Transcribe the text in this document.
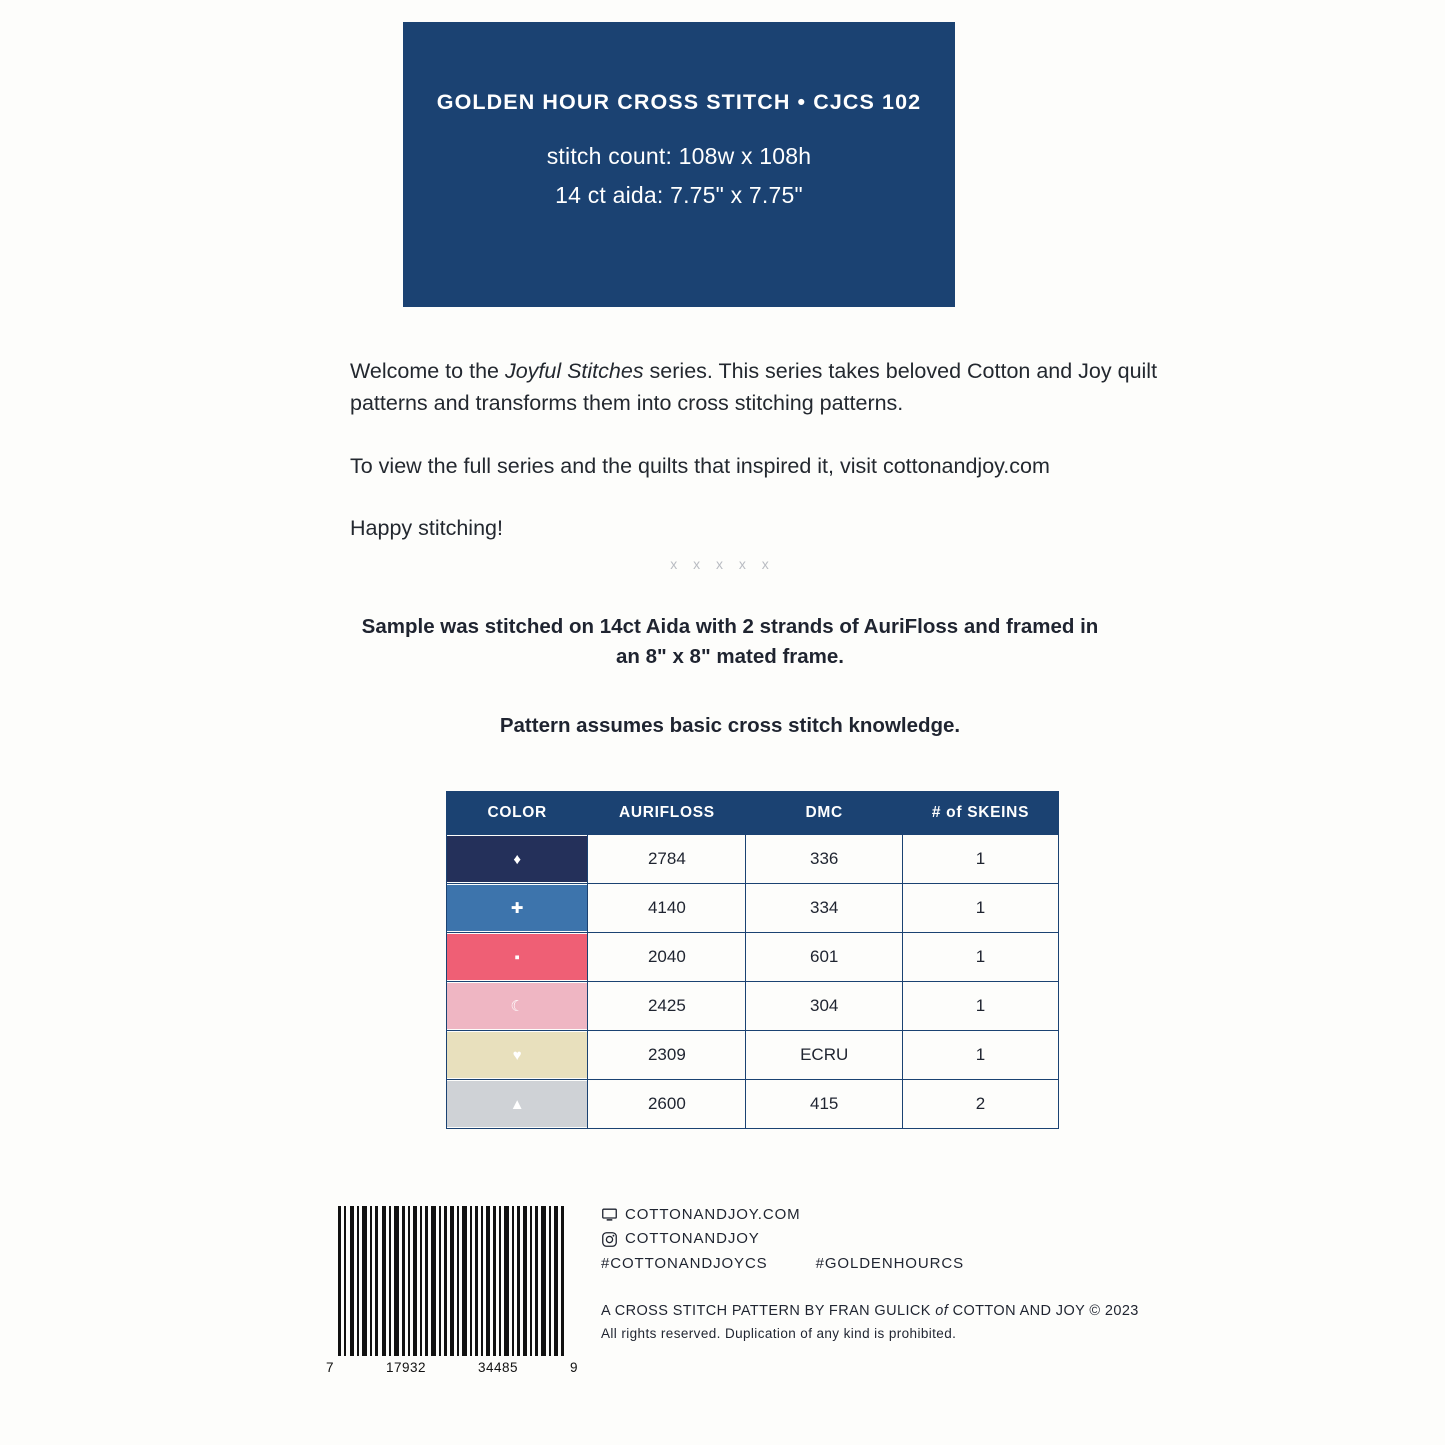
GOLDEN HOUR CROSS STITCH • CJCS 102
stitch count: 108w x 108h
14 ct aida: 7.75" x 7.75"

Welcome to the Joyful Stitches series. This series takes beloved Cotton and Joy quilt patterns and transforms them into cross stitching patterns.

To view the full series and the quilts that inspired it, visit cottonandjoy.com

Happy stitching!

x x x x x
Sample was stitched on 14ct Aida with 2 strands of AuriFloss and framed in an 8" x 8" mated frame.
Pattern assumes basic cross stitch knowledge.
COLOR	AURIFLOSS	DMC	# of SKEINS

♦	2784	336	1

✚	4140	334	1

▪	2040	601	1

☾	2425	304	1

♥	2309	ECRU	1

▲	2600	415	2
7	17932	34485	9
COTTONANDJOY.COM
COTTONANDJOY
#COTTONANDJOYCS	#GOLDENHOURCS
A CROSS STITCH PATTERN BY FRAN GULICK of COTTON AND JOY © 2023
All rights reserved. Duplication of any kind is prohibited.
